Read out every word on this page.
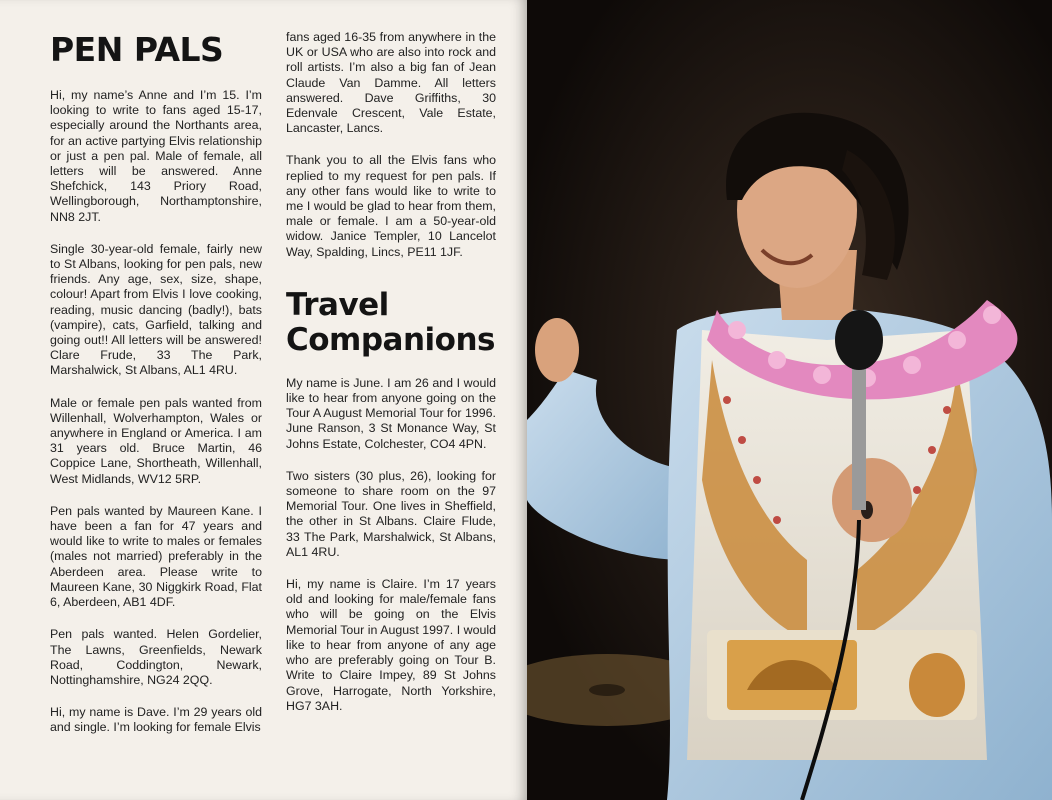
PEN PALS

Hi, my name’s Anne and I’m 15. I’m looking to write to fans aged 15-17, especially around the Northants area, for an active partying Elvis relationship or just a pen pal. Male of female, all letters will be answered. Anne Shefchick, 143 Priory Road, Wellingborough, Northamptonshire, NN8 2JT.

Single 30-year-old female, fairly new to St Albans, looking for pen pals, new friends. Any age, sex, size, shape, colour! Apart from Elvis I love cooking, reading, music dancing (badly!), bats (vampire), cats, Garfield, talking and going out!! All letters will be answered! Clare Frude, 33 The Park, Marshalwick, St Albans, AL1 4RU.

Male or female pen pals wanted from Willenhall, Wolverhampton, Wales or anywhere in England or America. I am 31 years old. Bruce Martin, 46 Coppice Lane, Shortheath, Willenhall, West Midlands, WV12 5RP.

Pen pals wanted by Maureen Kane. I have been a fan for 47 years and would like to write to males or females (males not married) preferably in the Aberdeen area. Please write to Maureen Kane, 30 Niggkirk Road, Flat 6, Aberdeen, AB1 4DF.

Pen pals wanted. Helen Gordelier, The Lawns, Greenfields, Newark Road, Coddington, Newark, Nottinghamshire, NG24 2QQ.

Hi, my name is Dave. I’m 29 years old and single. I’m looking for female Elvis

fans aged 16-35 from anywhere in the UK or USA who are also into rock and roll artists. I’m also a big fan of Jean Claude Van Damme. All letters answered. Dave Griffiths, 30 Edenvale Crescent, Vale Estate, Lancaster, Lancs.

Thank you to all the Elvis fans who replied to my request for pen pals. If any other fans would like to write to me I would be glad to hear from them, male or female. I am a 50-year-old widow. Janice Templer, 10 Lancelot Way, Spalding, Lincs, PE11 1JF.

Travel
Companions

My name is June. I am 26 and I would like to hear from anyone going on the Tour A August Memorial Tour for 1996. June Ranson, 3 St Monance Way, St Johns Estate, Colchester, CO4 4PN.

Two sisters (30 plus, 26), looking for someone to share room on the 97 Memorial Tour. One lives in Sheffield, the other in St Albans. Claire Flude, 33 The Park, Marshalwick, St Albans, AL1 4RU.

Hi, my name is Claire. I’m 17 years old and looking for male/female fans who will be going on the Elvis Memorial Tour in August 1997. I would like to hear from anyone of any age who are preferably going on Tour B. Write to Claire Impey, 89 St Johns Grove, Harrogate, North Yorkshire, HG7 3AH.
